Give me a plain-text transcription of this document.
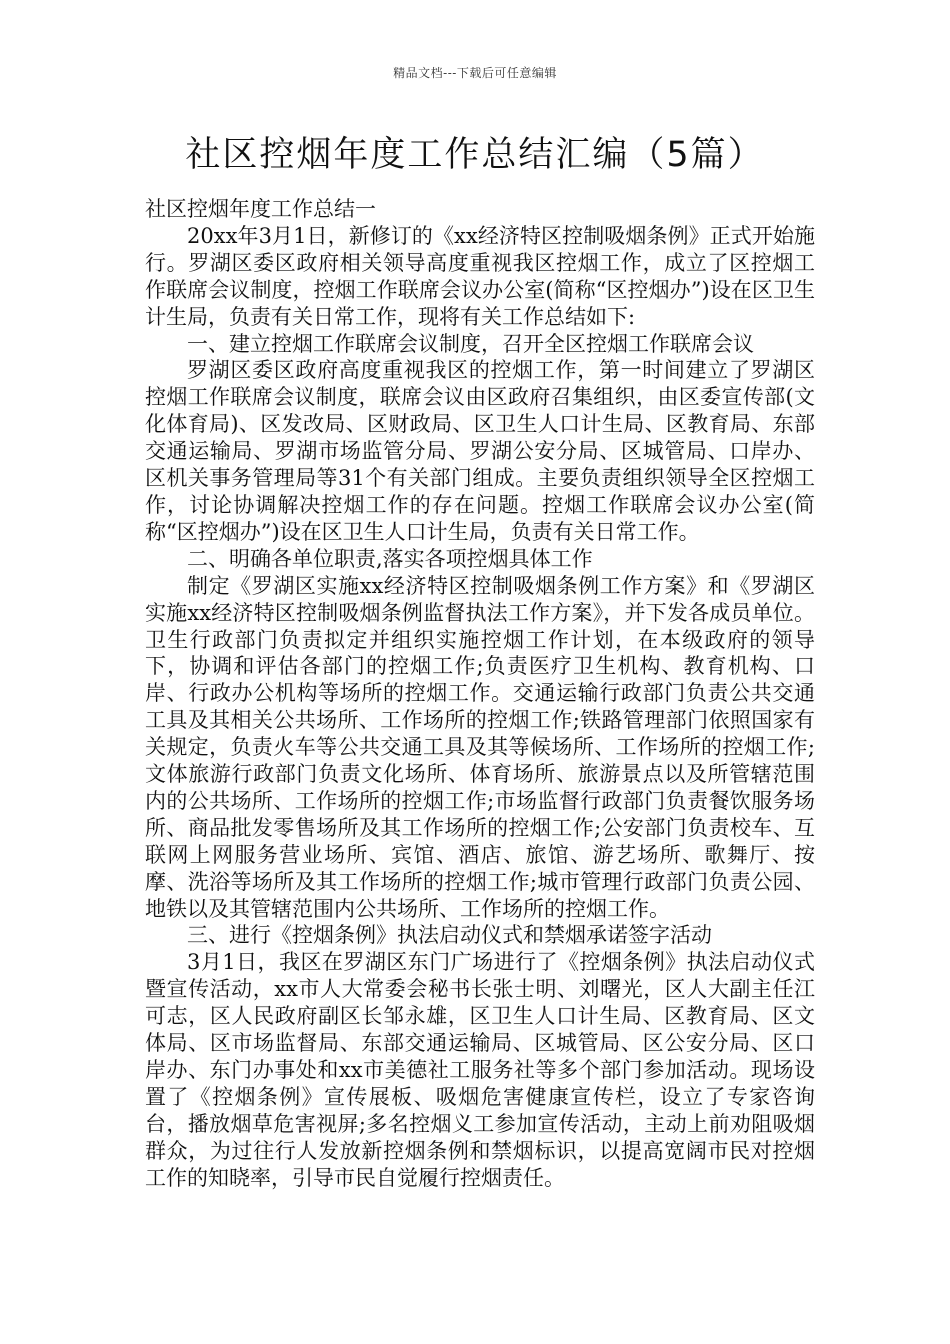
精品文档---下载后可任意编辑
社区控烟年度工作总结汇编（5篇）

社区控烟年度工作总结一

20xx年3月1日，新修订的《xx经济特区控制吸烟条例》正式开始施行。罗湖区委区政府相关领导高度重视我区控烟工作，成立了区控烟工作联席会议制度，控烟工作联席会议办公室(简称“区控烟办”)设在区卫生计生局，负责有关日常工作，现将有关工作总结如下:

一、建立控烟工作联席会议制度，召开全区控烟工作联席会议

罗湖区委区政府高度重视我区的控烟工作，第一时间建立了罗湖区控烟工作联席会议制度，联席会议由区政府召集组织，由区委宣传部(文化体育局)、区发改局、区财政局、区卫生人口计生局、区教育局、东部交通运输局、罗湖市场监管分局、罗湖公安分局、区城管局、口岸办、区机关事务管理局等31个有关部门组成。主要负责组织领导全区控烟工作，讨论协调解决控烟工作的存在问题。控烟工作联席会议办公室(简称“区控烟办”)设在区卫生人口计生局，负责有关日常工作。

二、明确各单位职责,落实各项控烟具体工作

制定《罗湖区实施xx经济特区控制吸烟条例工作方案》和《罗湖区实施xx经济特区控制吸烟条例监督执法工作方案》，并下发各成员单位。卫生行政部门负责拟定并组织实施控烟工作计划，在本级政府的领导下，协调和评估各部门的控烟工作;负责医疗卫生机构、教育机构、口岸、行政办公机构等场所的控烟工作。交通运输行政部门负责公共交通工具及其相关公共场所、工作场所的控烟工作;铁路管理部门依照国家有关规定，负责火车等公共交通工具及其等候场所、工作场所的控烟工作;文体旅游行政部门负责文化场所、体育场所、旅游景点以及所管辖范围内的公共场所、工作场所的控烟工作;市场监督行政部门负责餐饮服务场所、商品批发零售场所及其工作场所的控烟工作;公安部门负责校车、互联网上网服务营业场所、宾馆、酒店、旅馆、游艺场所、歌舞厅、按摩、洗浴等场所及其工作场所的控烟工作;城市管理行政部门负责公园、地铁以及其管辖范围内公共场所、工作场所的控烟工作。

三、进行《控烟条例》执法启动仪式和禁烟承诺签字活动

3月1日，我区在罗湖区东门广场进行了《控烟条例》执法启动仪式暨宣传活动，xx市人大常委会秘书长张士明、刘曙光，区人大副主任江可志，区人民政府副区长邹永雄，区卫生人口计生局、区教育局、区文体局、区市场监督局、东部交通运输局、区城管局、区公安分局、区口岸办、东门办事处和xx市美德社工服务社等多个部门参加活动。现场设置了《控烟条例》宣传展板、吸烟危害健康宣传栏，设立了专家咨询台，播放烟草危害视屏;多名控烟义工参加宣传活动，主动上前劝阻吸烟群众，为过往行人发放新控烟条例和禁烟标识，以提高宽阔市民对控烟工作的知晓率，引导市民自觉履行控烟责任。
